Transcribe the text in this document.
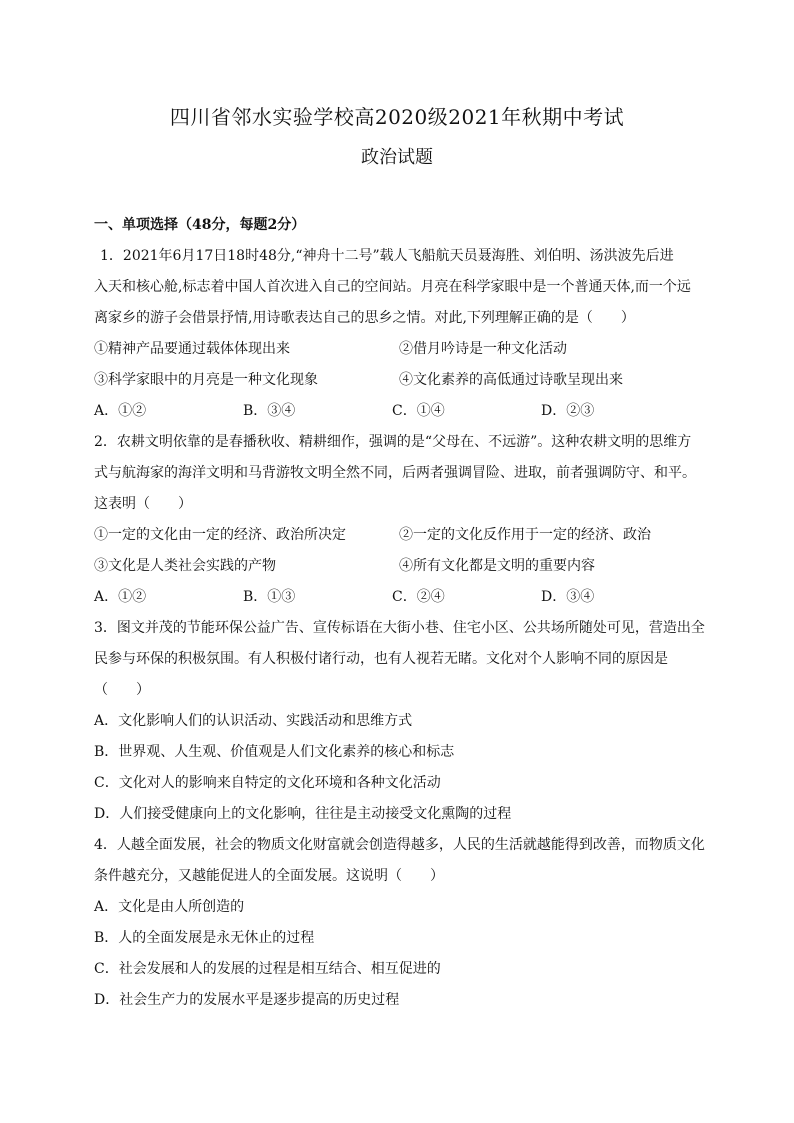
四川省邻水实验学校高2020级2021年秋期中考试
政治试题
一、单项选择（48分，每题2分）
1．2021年6月17日18时48分,“神舟十二号”载人飞船航天员聂海胜、刘伯明、汤洪波先后进
入天和核心舱,标志着中国人首次进入自己的空间站。月亮在科学家眼中是一个普通天体,而一个远
离家乡的游子会借景抒情,用诗歌表达自己的思乡之情。对此,下列理解正确的是（　　）
①精神产品要通过载体体现出来	②借月吟诗是一种文化活动
③科学家眼中的月亮是一种文化现象	④文化素养的高低通过诗歌呈现出来
A．①②	B．③④	C．①④	D．②③
2．农耕文明依靠的是春播秋收、精耕细作，强调的是“父母在、不远游”。这种农耕文明的思维方
式与航海家的海洋文明和马背游牧文明全然不同，后两者强调冒险、进取，前者强调防守、和平。
这表明（　　）
①一定的文化由一定的经济、政治所决定	②一定的文化反作用于一定的经济、政治
③文化是人类社会实践的产物	④所有文化都是文明的重要内容
A．①②	B．①③	C．②④	D．③④
3．图文并茂的节能环保公益广告、宣传标语在大街小巷、住宅小区、公共场所随处可见，营造出全
民参与环保的积极氛围。有人积极付诸行动，也有人视若无睹。文化对个人影响不同的原因是
（　　）
A．文化影响人们的认识活动、实践活动和思维方式
B．世界观、人生观、价值观是人们文化素养的核心和标志
C．文化对人的影响来自特定的文化环境和各种文化活动
D．人们接受健康向上的文化影响，往往是主动接受文化熏陶的过程
4．人越全面发展，社会的物质文化财富就会创造得越多，人民的生活就越能得到改善，而物质文化
条件越充分，又越能促进人的全面发展。这说明（　　）
A．文化是由人所创造的
B．人的全面发展是永无休止的过程
C．社会发展和人的发展的过程是相互结合、相互促进的
D．社会生产力的发展水平是逐步提高的历史过程
